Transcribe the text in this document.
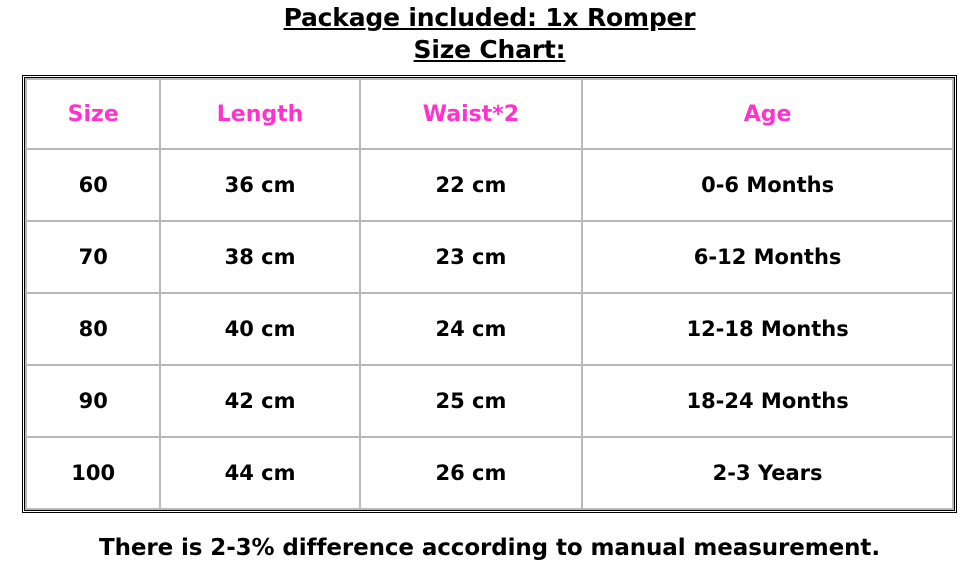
Package included: 1x Romper
Size Chart:
Size	Length	Waist*2	Age
60	36 cm	22 cm	0-6 Months
70	38 cm	23 cm	6-12 Months
80	40 cm	24 cm	12-18 Months
90	42 cm	25 cm	18-24 Months
100	44 cm	26 cm	2-3 Years
There is 2-3% difference according to manual measurement.
